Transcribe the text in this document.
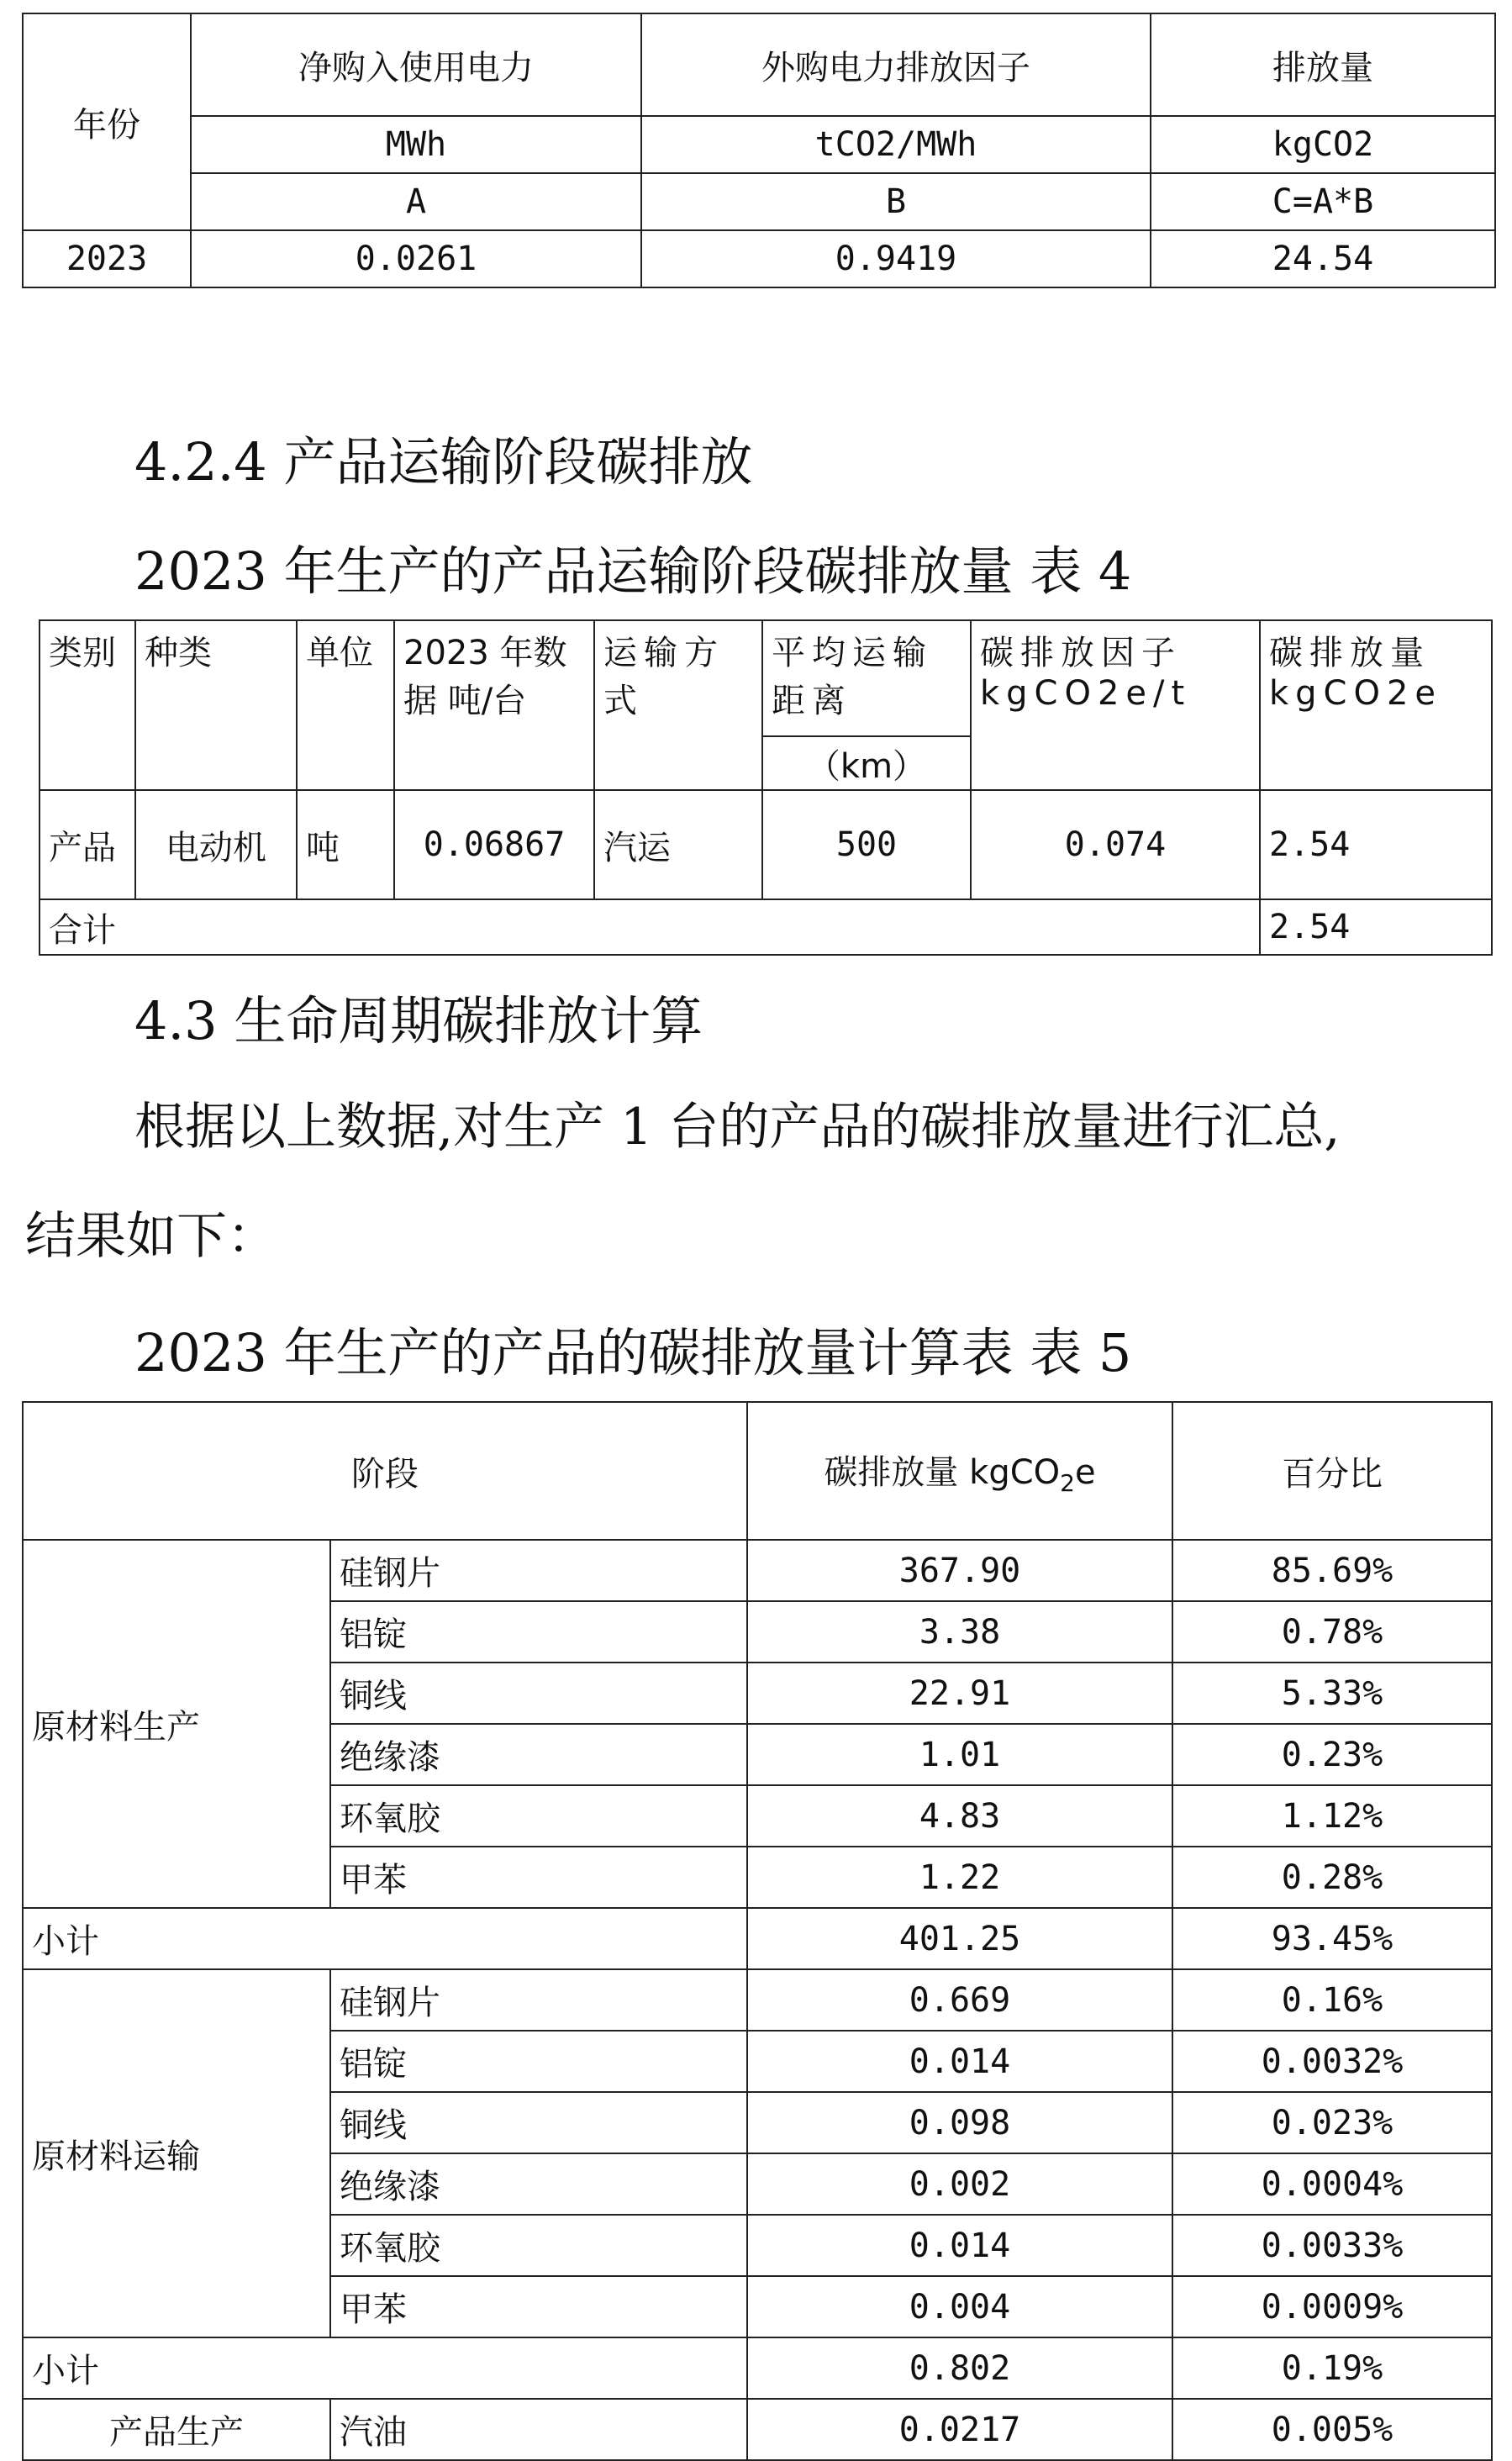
年份	净购入使用电力	外购电力排放因子	排放量
	MWh	tCO2/MWh	kgCO2
	A	B	C=A*B
2023	0.0261	0.9419	24.54
4.2.4 产品运输阶段碳排放
2023 年生产的产品运输阶段碳排放量 表 4
类别	种类	单位	2023 年数据 吨/台	运输方式	平均运输距离	碳排放因子 kgCO2e/t	碳排放量 kgCO2e
					（km）		
产品	电动机	吨	0.06867	汽运	500	0.074	2.54
合计							2.54
4.3 生命周期碳排放计算
根据以上数据,对生产 1 台的产品的碳排放量进行汇总,
结果如下：
2023 年生产的产品的碳排放量计算表 表 5
阶段		碳排放量 kgCO$_2$e	百分比
原材料生产	硅钢片	367.90	85.69%
	铝锭	3.38	0.78%
	铜线	22.91	5.33%
	绝缘漆	1.01	0.23%
	环氧胶	4.83	1.12%
	甲苯	1.22	0.28%
小计		401.25	93.45%
原材料运输	硅钢片	0.669	0.16%
	铝锭	0.014	0.0032%
	铜线	0.098	0.023%
	绝缘漆	0.002	0.0004%
	环氧胶	0.014	0.0033%
	甲苯	0.004	0.0009%
小计		0.802	0.19%
产品生产	汽油	0.0217	0.005%
